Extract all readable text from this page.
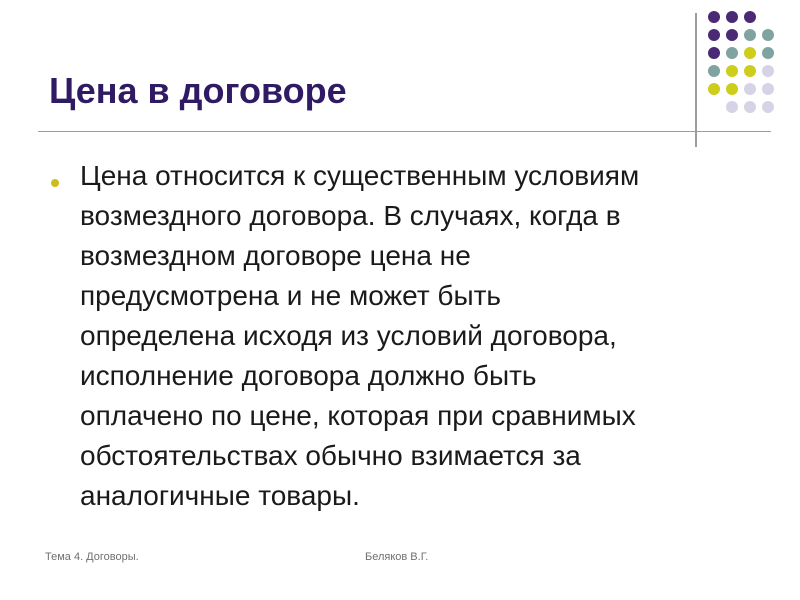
Цена в договоре
Цена относится к существенным условиям
возмездного договора. В случаях, когда в
возмездном договоре цена не
предусмотрена и не может быть
определена исходя из условий договора,
исполнение договора должно быть
оплачено по цене, которая при сравнимых
обстоятельствах обычно взимается за
аналогичные товары.
Тема 4. Договоры.	Беляков В.Г.
